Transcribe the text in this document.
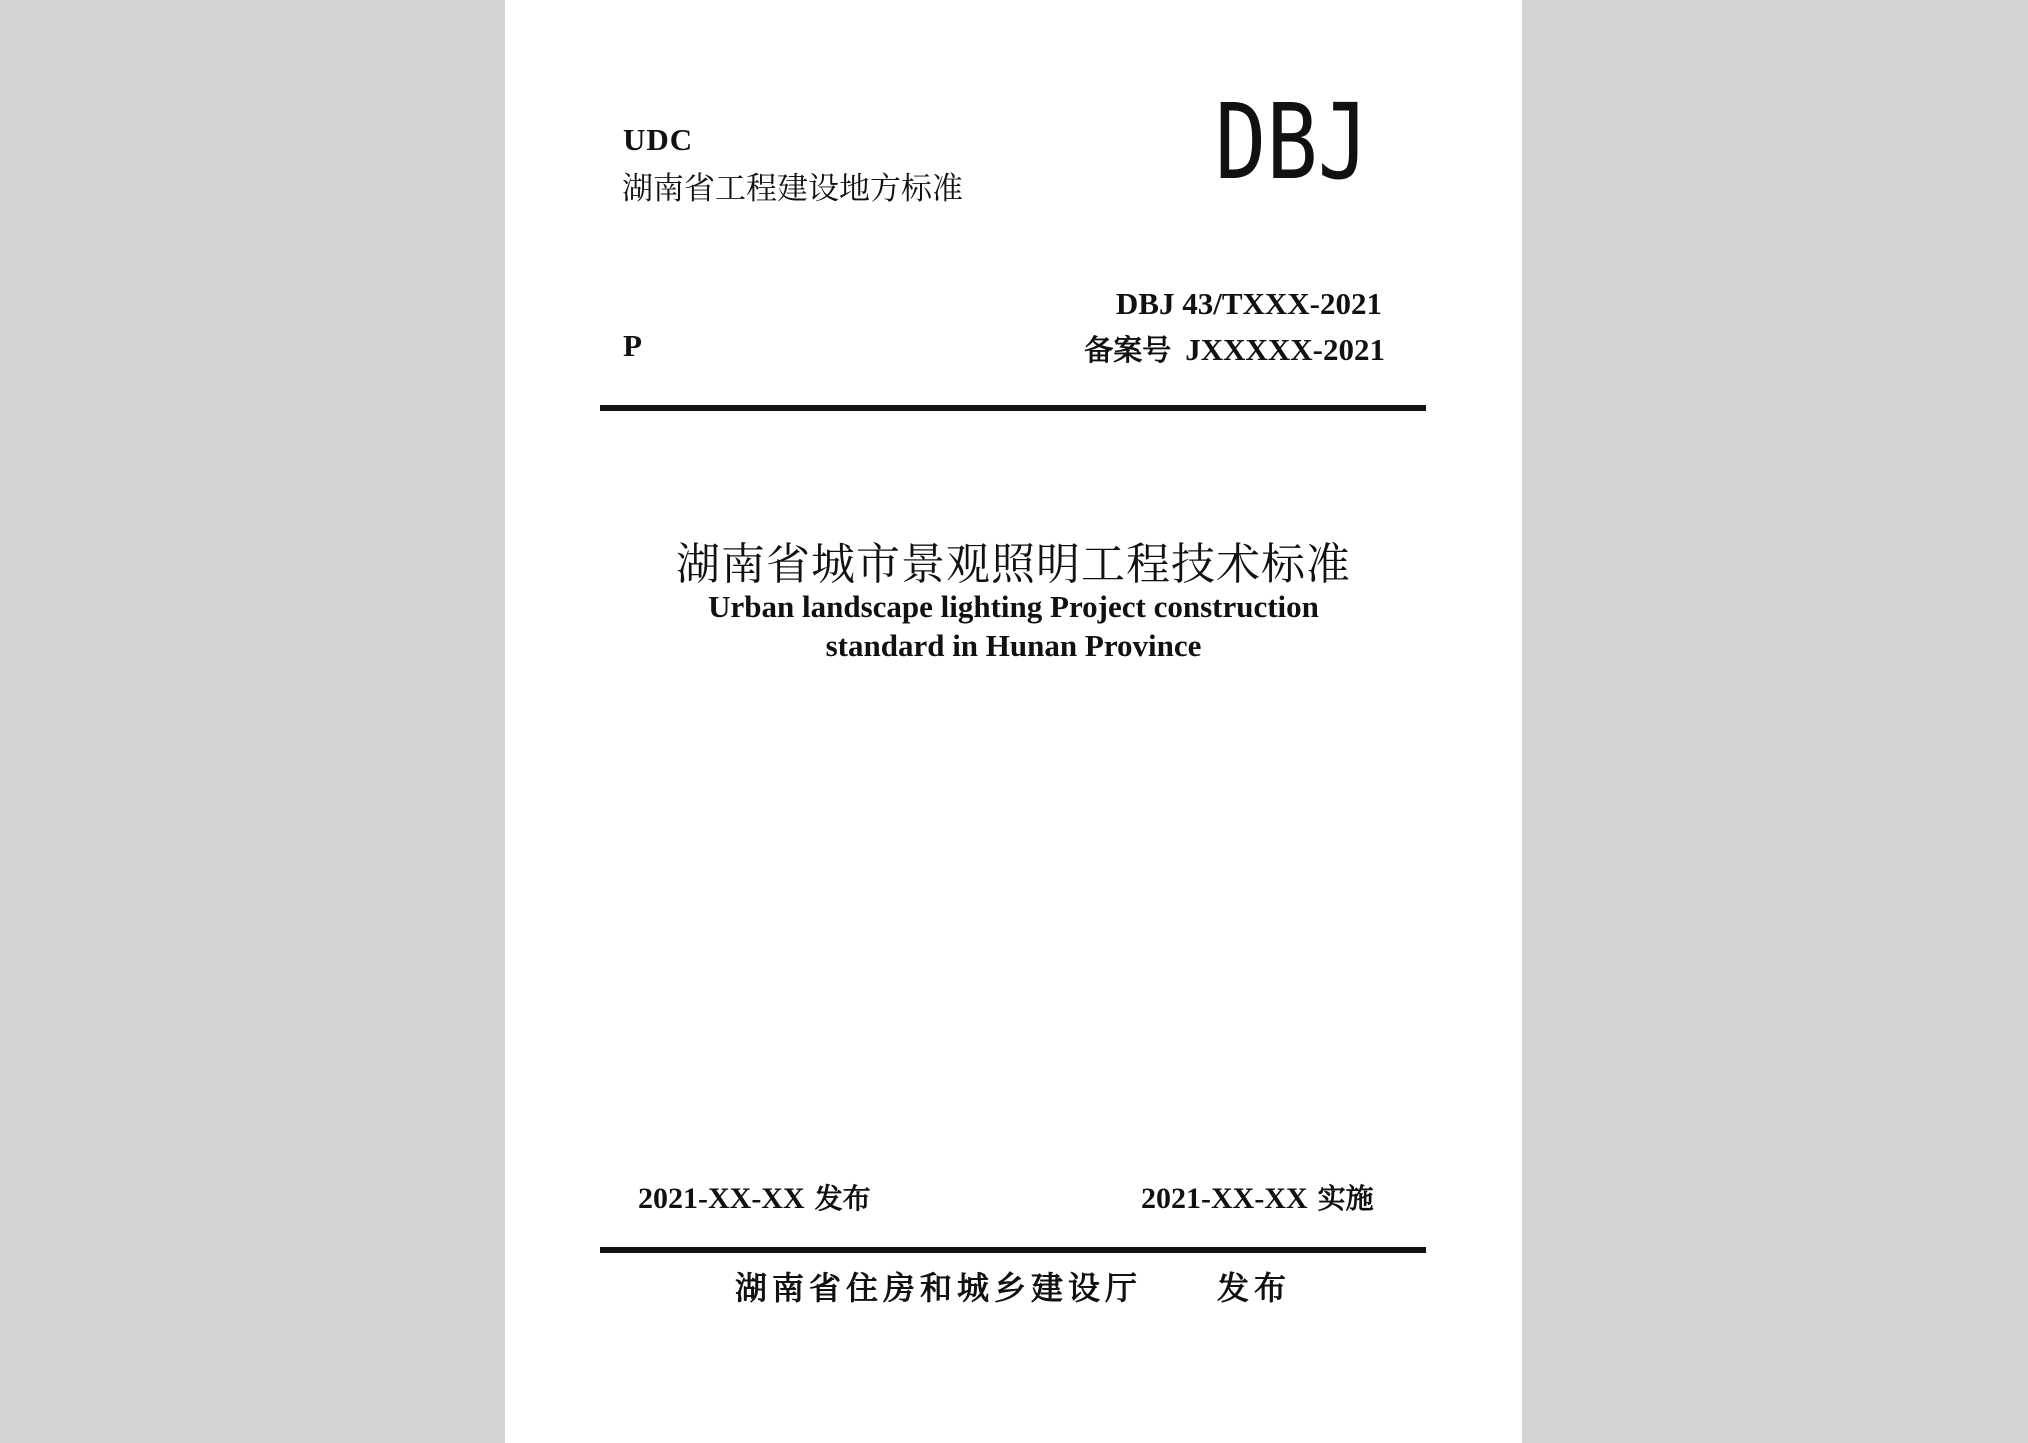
UDC
湖南省工程建设地方标准 DBJ
P
DBJ 43/TXXX-2021
备案号 JXXXXX-2021
湖南省城市景观照明工程技术标准
Urban landscape lighting Project construction
standard in Hunan Province
2021-XX-XX 发布	2021-XX-XX 实施
湖南省住房和城乡建设厅 发布
